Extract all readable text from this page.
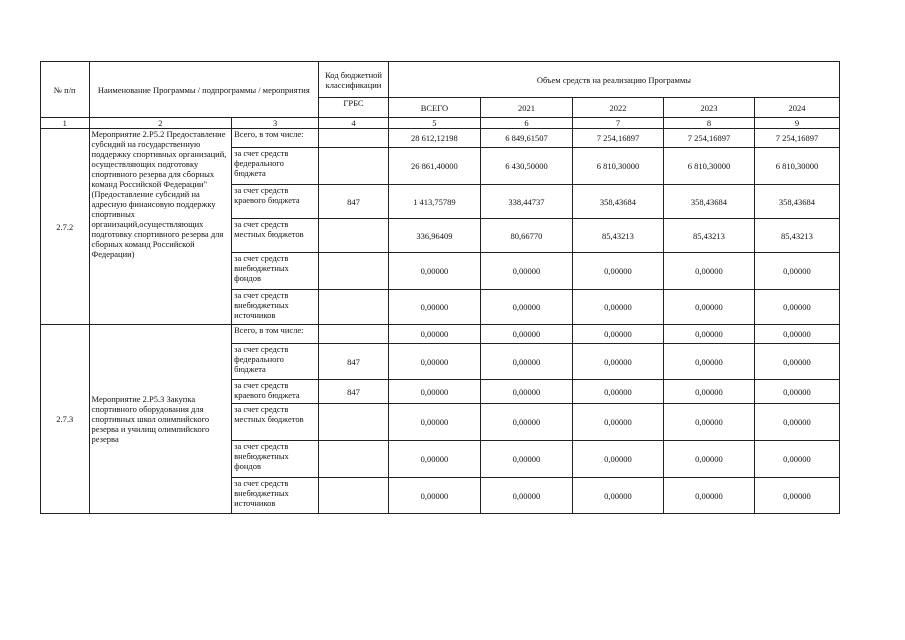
№ п/п	Наименование Программы / подпрограммы / мероприятия		Код бюджетной классификации	Объем средств на реализацию Программы				
			ГРБС	ВСЕГО	2021	2022	2023	2024
1	2	3	4	5	6	7	8	9
2.7.2	Мероприятие 2.Р5.2 Предоставление субсидий на государственную поддержку спортивных организаций, осуществляющих подготовку спортивного резерва для сборных команд Российской Федерации" (Предоставление субсидий на адресную финансовую поддержку спортивных организаций,осуществляющих подготовку спортивного резерва для сборных команд Российской Федерации)	Всего, в том числе:		28 612,12198	6 849,61507	7 254,16897	7 254,16897	7 254,16897
		за счет средств федерального бюджета		26 861,40000	6 430,50000	6 810,30000	6 810,30000	6 810,30000
		за счет средств краевого бюджета	847	1 413,75789	338,44737	358,43684	358,43684	358,43684
		за счет средств местных бюджетов		336,96409	80,66770	85,43213	85,43213	85,43213
		за счет средств внебюджетных фондов		0,00000	0,00000	0,00000	0,00000	0,00000
		за счет средств внебюджетных источников		0,00000	0,00000	0,00000	0,00000	0,00000
2.7.3	Мероприятие 2.Р5.3 Закупка спортивного оборудования для спортивных школ олимпийского резерва и училищ олимпийского резерва	Всего, в том числе:		0,00000	0,00000	0,00000	0,00000	0,00000
		за счет средств федерального бюджета	847	0,00000	0,00000	0,00000	0,00000	0,00000
		за счет средств краевого бюджета	847	0,00000	0,00000	0,00000	0,00000	0,00000
		за счет средств местных бюджетов		0,00000	0,00000	0,00000	0,00000	0,00000
		за счет средств внебюджетных фондов		0,00000	0,00000	0,00000	0,00000	0,00000
		за счет средств внебюджетных источников		0,00000	0,00000	0,00000	0,00000	0,00000
